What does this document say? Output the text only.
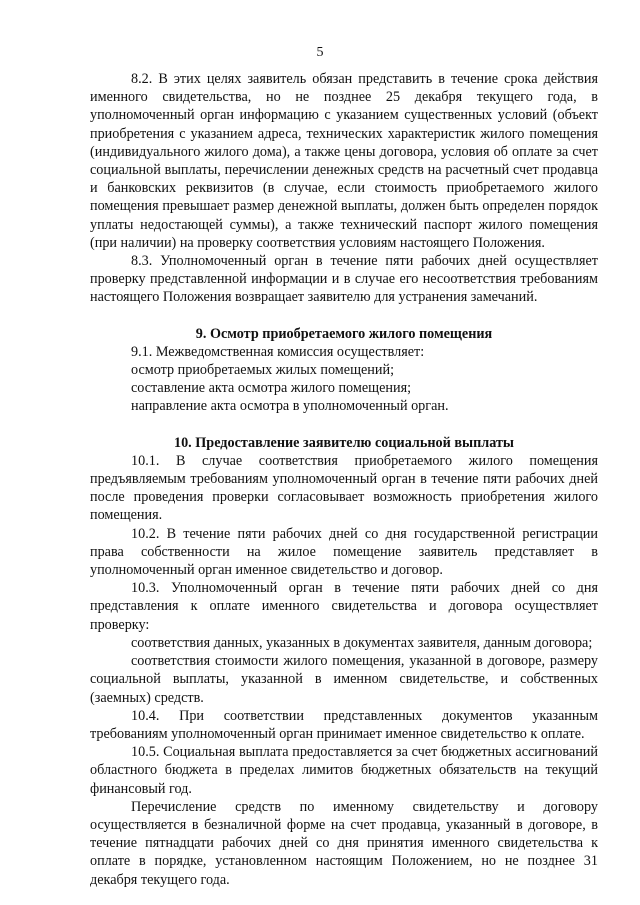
5

8.2. В этих целях заявитель обязан представить в течение срока действия именного свидетельства, но не позднее 25 декабря текущего года, в уполномоченный орган информацию с указанием существенных условий (объект приобретения с указанием адреса, технических характеристик жилого помещения (индивидуального жилого дома), а также цены договора, условия об оплате за счет социальной выплаты, перечислении денежных средств на расчетный счет продавца и банковских реквизитов (в случае, если стоимость приобретаемого жилого помещения превышает размер денежной выплаты, должен быть определен порядок уплаты недостающей суммы), а также технический паспорт жилого помещения (при наличии) на проверку соответствия условиям настоящего Положения.

8.3. Уполномоченный орган в течение пяти рабочих дней осуществляет проверку представленной информации и в случае его несоответствия требованиям настоящего Положения возвращает заявителю для устранения замечаний.

9. Осмотр приобретаемого жилого помещения

9.1. Межведомственная комиссия осуществляет:

осмотр приобретаемых жилых помещений;

составление акта осмотра жилого помещения;

направление акта осмотра в уполномоченный орган.

10. Предоставление заявителю социальной выплаты

10.1. В случае соответствия приобретаемого жилого помещения предъявляемым требованиям уполномоченный орган в течение пяти рабочих дней после проведения проверки согласовывает возможность приобретения жилого помещения.

10.2. В течение пяти рабочих дней со дня государственной регистрации права собственности на жилое помещение заявитель представляет в уполномоченный орган именное свидетельство и договор.

10.3. Уполномоченный орган в течение пяти рабочих дней со дня представления к оплате именного свидетельства и договора осуществляет проверку:

соответствия данных, указанных в документах заявителя, данным договора;

соответствия стоимости жилого помещения, указанной в договоре, размеру социальной выплаты, указанной в именном свидетельстве, и собственных (заемных) средств.

10.4. При соответствии представленных документов указанным требованиям уполномоченный орган принимает именное свидетельство к оплате.

10.5. Социальная выплата предоставляется за счет бюджетных ассигнований областного бюджета в пределах лимитов бюджетных обязательств на текущий финансовый год.

Перечисление средств по именному свидетельству и договору осуществляется в безналичной форме на счет продавца, указанный в договоре, в течение пятнадцати рабочих дней со дня принятия именного свидетельства к оплате в порядке, установленном настоящим Положением, но не позднее 31 декабря текущего года.
